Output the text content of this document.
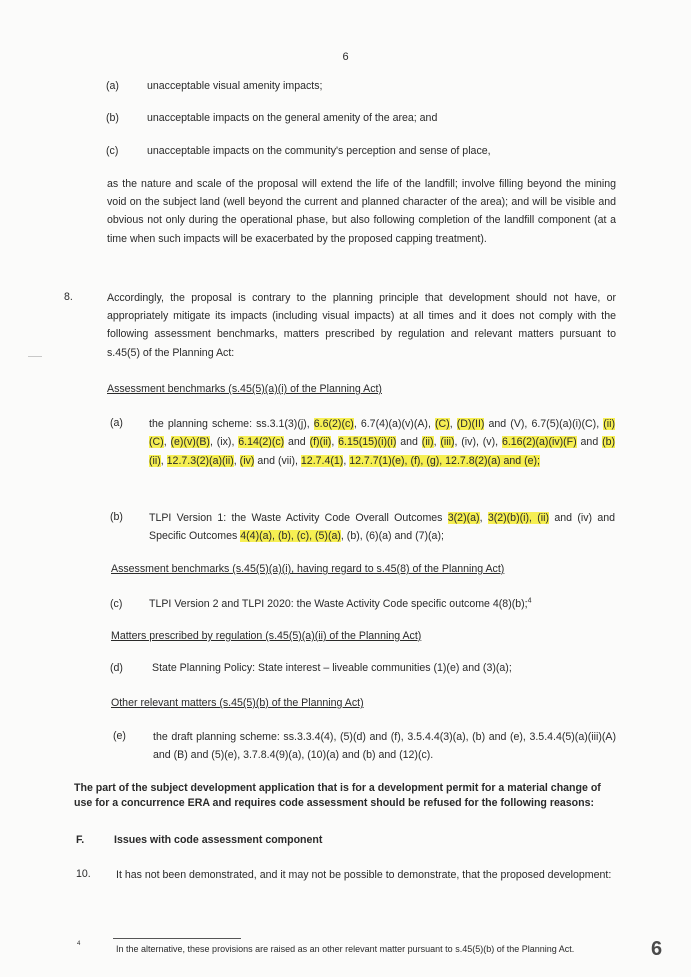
6
(a)	unacceptable visual amenity impacts;
(b)	unacceptable impacts on the general amenity of the area; and
(c)	unacceptable impacts on the community's perception and sense of place,
as the nature and scale of the proposal will extend the life of the landfill; involve filling beyond the mining void on the subject land (well beyond the current and planned character of the area); and will be visible and obvious not only during the operational phase, but also following completion of the landfill component (at a time when such impacts will be exacerbated by the proposed capping treatment).
8.	Accordingly, the proposal is contrary to the planning principle that development should not have, or appropriately mitigate its impacts (including visual impacts) at all times and it does not comply with the following assessment benchmarks, matters prescribed by regulation and relevant matters pursuant to s.45(5) of the Planning Act:
Assessment benchmarks (s.45(5)(a)(i) of the Planning Act)
(a)	the planning scheme: ss.3.1(3)(j), 6.6(2)(c), 6.7(4)(a)(v)(A), (C), (D)(II) and (V), 6.7(5)(a)(i)(C), (ii)(C), (e)(v)(B), (ix), 6.14(2)(c) and (f)(ii), 6.15(15)(i)(i) and (ii), (iii), (iv), (v), 6.16(2)(a)(iv)(F) and (b)(ii), 12.7.3(2)(a)(ii), (iv) and (vii), 12.7.4(1), 12.7.7(1)(e), (f), (g), 12.7.8(2)(a) and (e);
(b)	TLPI Version 1: the Waste Activity Code Overall Outcomes 3(2)(a), 3(2)(b)(i), (ii) and (iv) and Specific Outcomes 4(4)(a), (b), (c), (5)(a), (b), (6)(a) and (7)(a);
Assessment benchmarks (s.45(5)(a)(i), having regard to s.45(8) of the Planning Act)
(c)	TLPI Version 2 and TLPI 2020: the Waste Activity Code specific outcome 4(8)(b);$^4$
Matters prescribed by regulation (s.45(5)(a)(ii) of the Planning Act)
(d)	State Planning Policy: State interest – liveable communities (1)(e) and (3)(a);
Other relevant matters (s.45(5)(b) of the Planning Act)
(e)	the draft planning scheme: ss.3.3.4(4), (5)(d) and (f), 3.5.4.4(3)(a), (b) and (e), 3.5.4.4(5)(a)(iii)(A) and (B) and (5)(e), 3.7.8.4(9)(a), (10)(a) and (b) and (12)(c).
The part of the subject development application that is for a development permit for a material change of use for a concurrence ERA and requires code assessment should be refused for the following reasons:
F.	Issues with code assessment component
10. It has not been demonstrated, and it may not be possible to demonstrate, that the proposed development:
4	In the alternative, these provisions are raised as an other relevant matter pursuant to s.45(5)(b) of the Planning Act.	6
